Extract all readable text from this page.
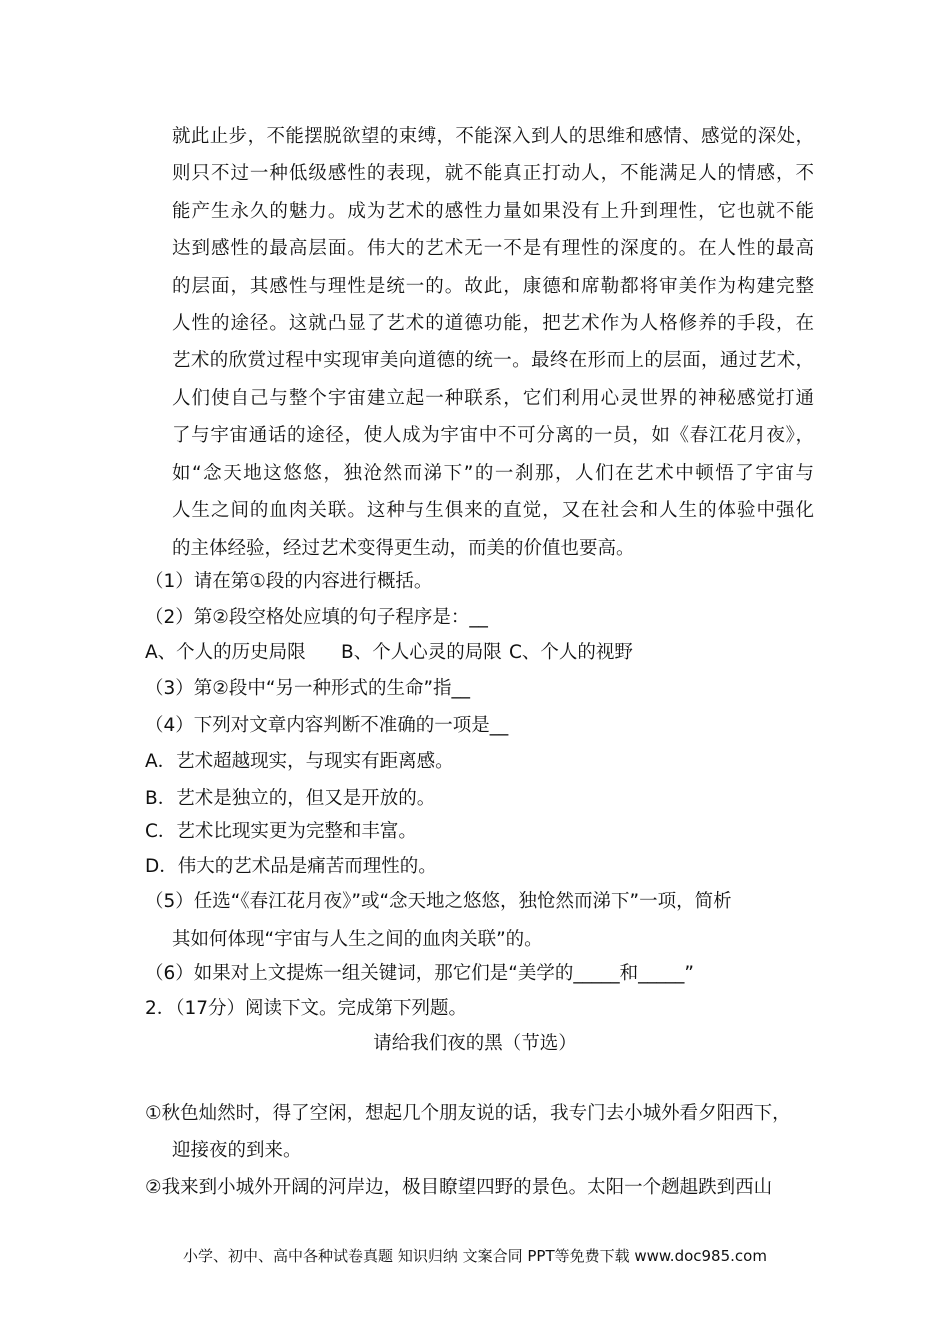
就此止步，不能摆脱欲望的束缚，不能深入到人的思维和感情、感觉的深处，
则只不过一种低级感性的表现，就不能真正打动人，不能满足人的情感，不
能产生永久的魅力。成为艺术的感性力量如果没有上升到理性，它也就不能
达到感性的最高层面。伟大的艺术无一不是有理性的深度的。在人性的最高
的层面，其感性与理性是统一的。故此，康德和席勒都将审美作为构建完整
人性的途径。这就凸显了艺术的道德功能，把艺术作为人格修养的手段，在
艺术的欣赏过程中实现审美向道德的统一。最终在形而上的层面，通过艺术，
人们使自己与整个宇宙建立起一种联系，它们利用心灵世界的神秘感觉打通
了与宇宙通话的途径，使人成为宇宙中不可分离的一员，如《春江花月夜》，
如“念天地这悠悠，独沧然而涕下”的一刹那，人们在艺术中顿悟了宇宙与
人生之间的血肉关联。这种与生俱来的直觉，又在社会和人生的体验中强化
的主体经验，经过艺术变得更生动，而美的价值也要高。
（1）请在第①段的内容进行概括。
（2）第②段空格处应填的句子程序是：__
A、个人的历史局限 B、个人心灵的局限 C、个人的视野
（3）第②段中“另一种形式的生命”指__
（4）下列对文章内容判断不准确的一项是__
A．艺术超越现实，与现实有距离感。
B．艺术是独立的，但又是开放的。
C．艺术比现实更为完整和丰富。
D．伟大的艺术品是痛苦而理性的。
（5）任选“《春江花月夜》”或“念天地之悠悠，独怆然而涕下”一项，简析
其如何体现“宇宙与人生之间的血肉关联”的。
（6）如果对上文提炼一组关键词，那它们是“美学的_____和_____”
2．（17分）阅读下文。完成第下列题。
请给我们夜的黑（节选）
①秋色灿然时，得了空闲，想起几个朋友说的话，我专门去小城外看夕阳西下，
迎接夜的到来。
②我来到小城外开阔的河岸边，极目瞭望四野的景色。太阳一个趔趄跌到西山
小学、初中、高中各种试卷真题 知识归纳 文案合同 PPT等免费下载 www.doc985.com
